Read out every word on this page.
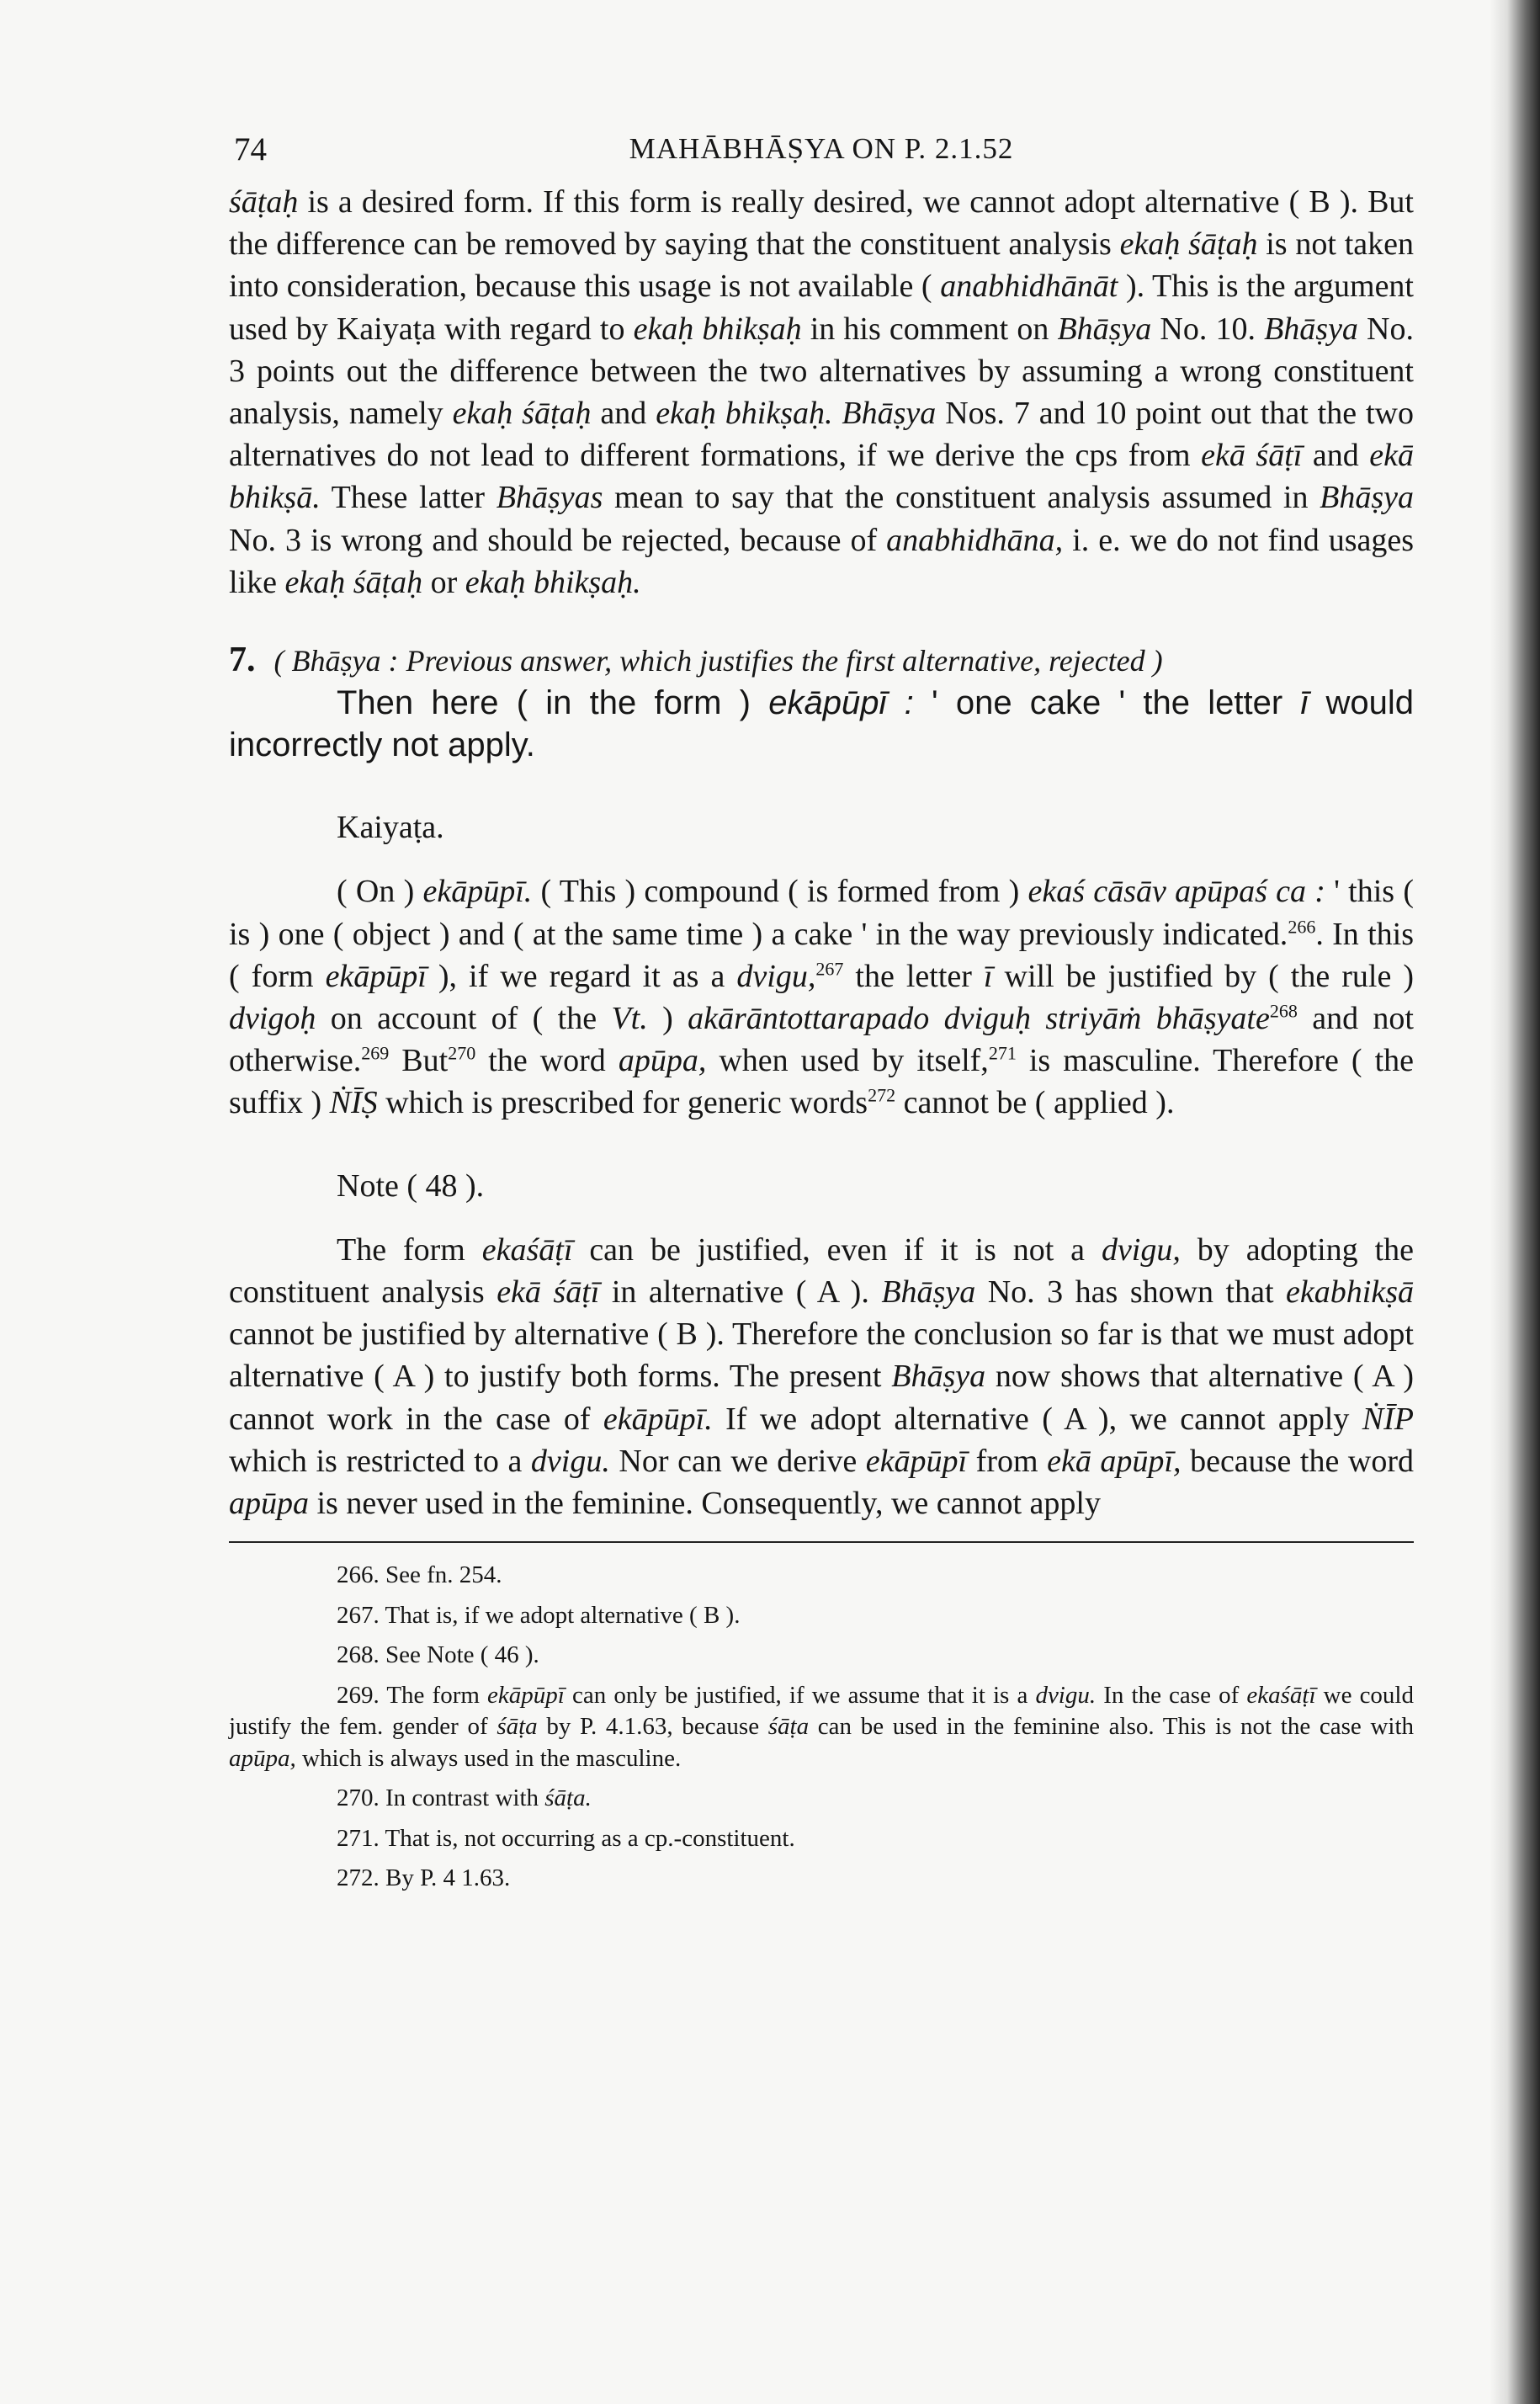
74	MAHĀBHĀṢYA ON P. 2.1.52

śāṭaḥ is a desired form. If this form is really desired, we cannot adopt alternative ( B ). But the difference can be removed by saying that the constituent analysis ekaḥ śāṭaḥ is not taken into consideration, because this usage is not available ( anabhidhānāt ). This is the argument used by Kaiyaṭa with regard to ekaḥ bhikṣaḥ in his comment on Bhāṣya No. 10. Bhāṣya No. 3 points out the difference between the two alternatives by assuming a wrong constituent analysis, namely ekaḥ śāṭaḥ and ekaḥ bhikṣaḥ. Bhāṣya Nos. 7 and 10 point out that the two alternatives do not lead to different formations, if we derive the cps from ekā śāṭī and ekā bhikṣā. These latter Bhāṣyas mean to say that the constituent analysis assumed in Bhāṣya No. 3 is wrong and should be rejected, because of anabhidhāna, i. e. we do not find usages like ekaḥ śāṭaḥ or ekaḥ bhikṣaḥ.

7. ( Bhāṣya : Previous answer, which justifies the first alternative, rejected )

Then here ( in the form ) ekāpūpī : ' one cake ' the letter ī would incorrectly not apply.

Kaiyaṭa.

( On ) ekāpūpī. ( This ) compound ( is formed from ) ekaś cāsāv apūpaś ca : ' this ( is ) one ( object ) and ( at the same time ) a cake ' in the way previously indicated.$^{266}$. In this ( form ekāpūpī ), if we regard it as a dvigu,$^{267}$ the letter ī will be justified by ( the rule ) dvigoḥ on account of ( the Vt. ) akārāntottarapado dviguḥ striyāṁ bhāṣyate$^{268}$ and not otherwise.$^{269}$ But$^{270}$ the word apūpa, when used by itself,$^{271}$ is masculine. Therefore ( the suffix ) ṄĪṢ which is prescribed for generic words$^{272}$ cannot be ( applied ).

Note ( 48 ).

The form ekaśāṭī can be justified, even if it is not a dvigu, by adopting the constituent analysis ekā śāṭī in alternative ( A ). Bhāṣya No. 3 has shown that ekabhikṣā cannot be justified by alternative ( B ). Therefore the conclusion so far is that we must adopt alternative ( A ) to justify both forms. The present Bhāṣya now shows that alternative ( A ) cannot work in the case of ekāpūpī. If we adopt alternative ( A ), we cannot apply ṄĪP which is restricted to a dvigu. Nor can we derive ekāpūpī from ekā apūpī, because the word apūpa is never used in the feminine. Consequently, we cannot apply

266. See fn. 254.

267. That is, if we adopt alternative ( B ).

268. See Note ( 46 ).

269. The form ekāpūpī can only be justified, if we assume that it is a dvigu. In the case of ekaśāṭī we could justify the fem. gender of śāṭa by P. 4.1.63, because śāṭa can be used in the feminine also. This is not the case with apūpa, which is always used in the masculine.

270. In contrast with śāṭa.

271. That is, not occurring as a cp.-constituent.

272. By P. 4 1.63.
